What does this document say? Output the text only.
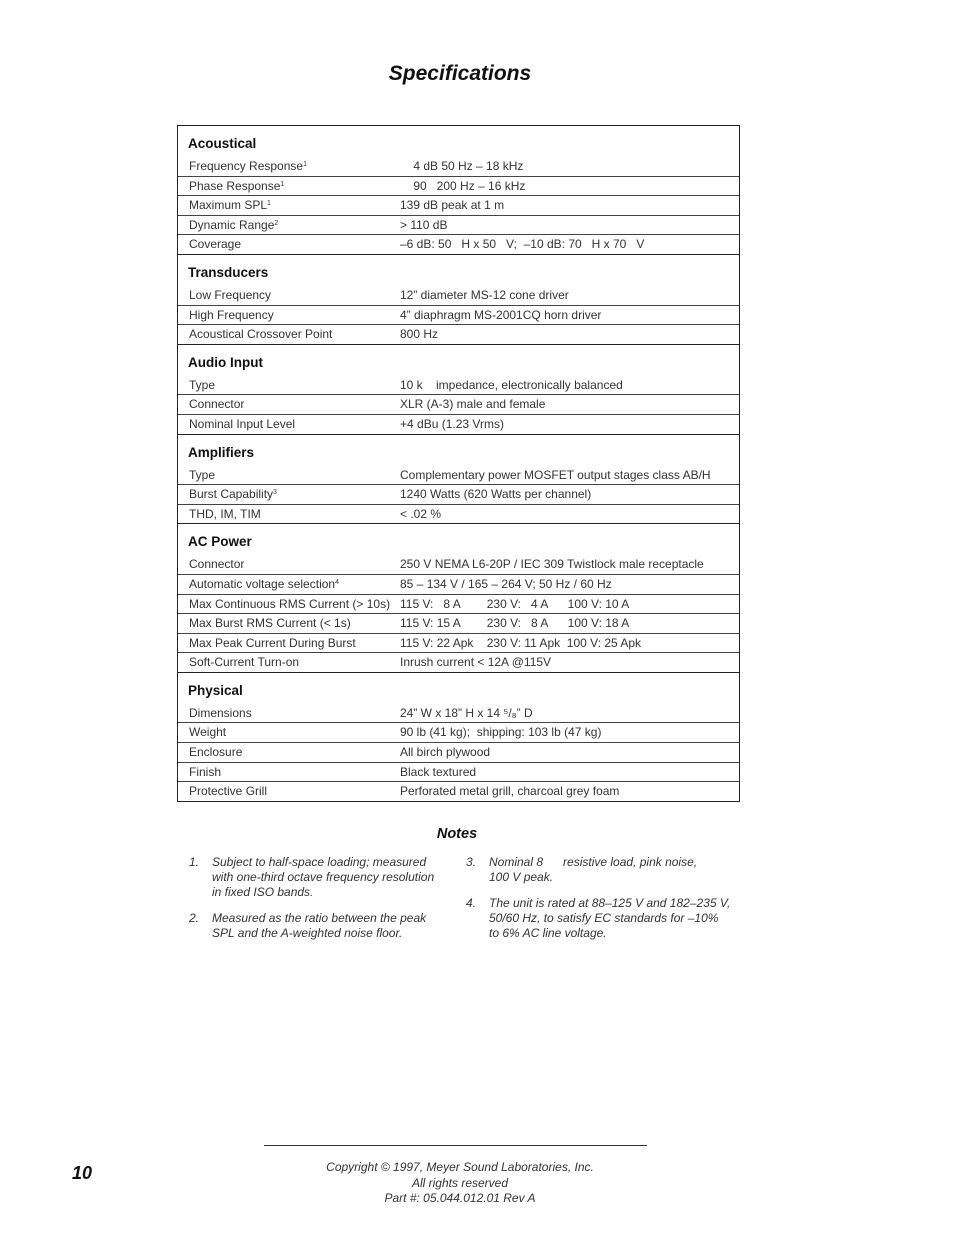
Specifications
Acoustical
Frequency Response$^1$	4 dB 50 Hz – 18 kHz
Phase Response$^1$	90   200 Hz – 16 kHz
Maximum SPL$^1$	139 dB peak at 1 m
Dynamic Range$^2$	> 110 dB
Coverage	–6 dB: 50   H x 50   V;  –10 dB: 70   H x 70   V
Transducers
Low Frequency	12” diameter MS-12 cone driver
High Frequency	4” diaphragm MS-2001CQ horn driver
Acoustical Crossover Point	800 Hz
Audio Input
Type	10 k    impedance, electronically balanced
Connector	XLR (A-3) male and female
Nominal Input Level	+4 dBu (1.23 Vrms)
Amplifiers
Type	Complementary power MOSFET output stages class AB/H
Burst Capability$^3$	1240 Watts (620 Watts per channel)
THD, IM, TIM	< .02 %
AC Power
Connector	250 V NEMA L6-20P / IEC 309 Twistlock male receptacle
Automatic voltage selection$^4$	85 – 134 V / 165 – 264 V; 50 Hz / 60 Hz
Max Continuous RMS Current (> 10s) 115 V:   8 A        230 V:   4 A      100 V: 10 A
Max Burst RMS Current (< 1s)	115 V: 15 A        230 V:   8 A      100 V: 18 A
Max Peak Current During Burst	115 V: 22 Apk    230 V: 11 Apk  100 V: 25 Apk
Soft-Current Turn-on	Inrush current < 12A @115V
Physical
Dimensions	24” W x 18” H x 14 ⁵/₈” D
Weight	90 lb (41 kg);  shipping: 103 lb (47 kg)
Enclosure	All birch plywood
Finish	Black textured
Protective Grill	Perforated metal grill, charcoal grey foam
Notes
1. Subject to half-space loading; measured
with one-third octave frequency resolution
in fixed ISO bands.
2. Measured as the ratio between the peak
SPL and the A-weighted noise floor.
3. Nominal 8      resistive load, pink noise,
100 V peak.
4. The unit is rated at 88–125 V and 182–235 V,
50/60 Hz, to satisfy EC standards for –10%
to 6% AC line voltage.
10	Copyright © 1997, Meyer Sound Laboratories, Inc.
All rights reserved
Part #: 05.044.012.01 Rev A
